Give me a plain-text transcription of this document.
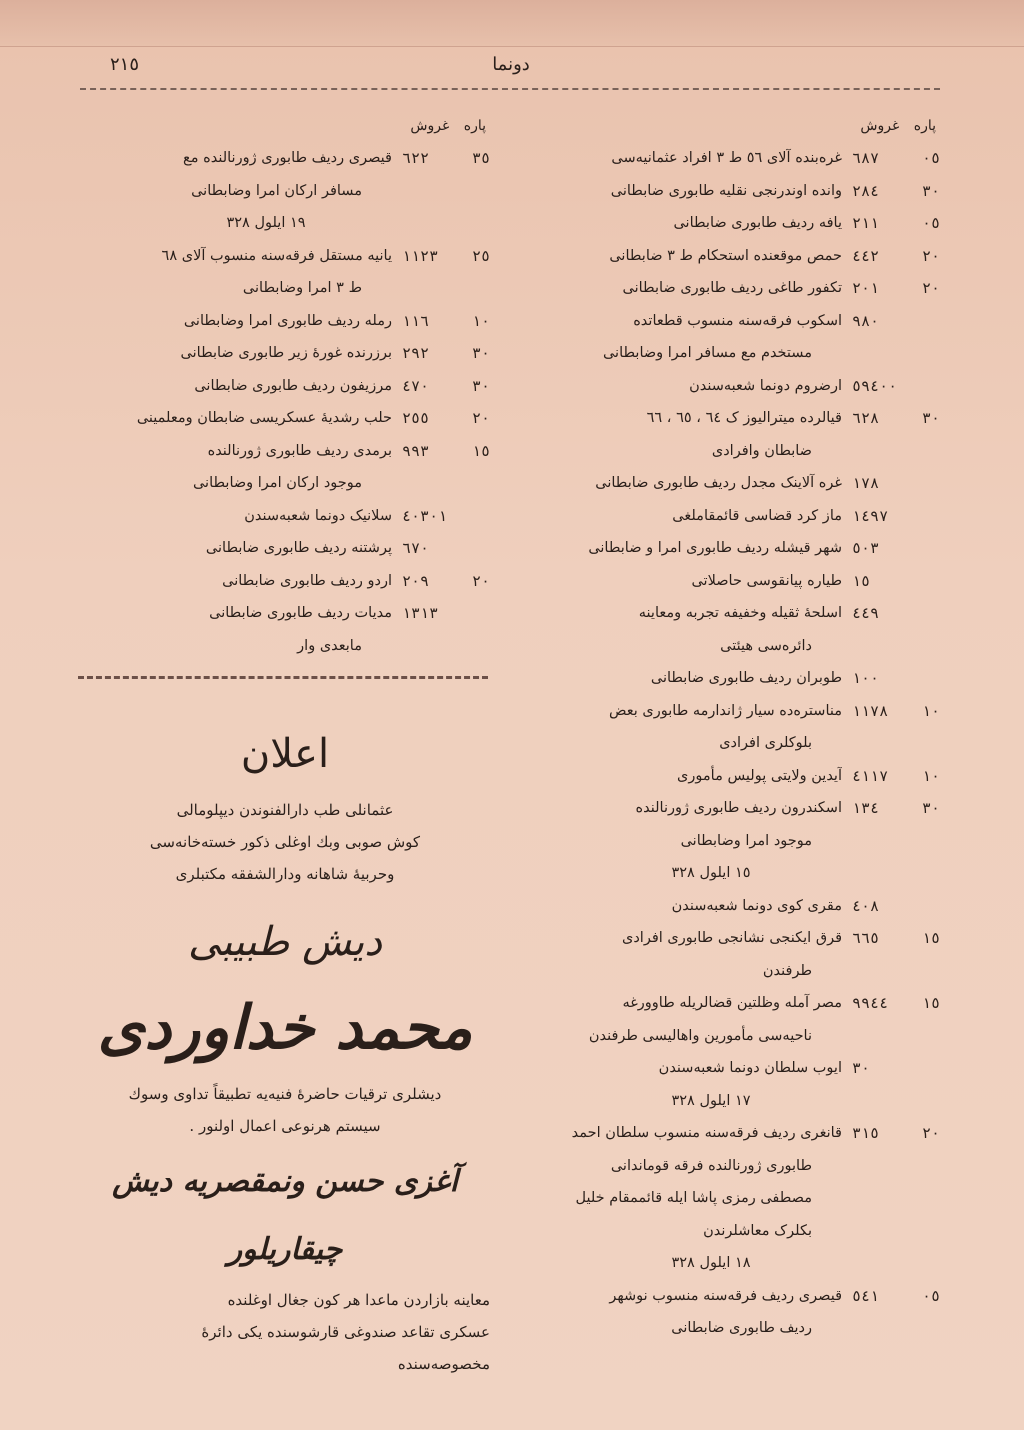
دونما
٢١٥
پاره غروش
٠٥
٦٨٧
غره‌بنده آلای ٥٦ ط ٣ افراد عثمانیه‌سی
٣٠
٢٨٤
وانده اوندرنجی نقلیه طابوری ضابطانی
٠٥
٢١١
یافه ردیف طابوری ضابطانی
٢٠
٤٤٢
حمص موقعنده استحکام ط ٣ ضابطانی
٢٠
٢٠١
تکفور طاغی ردیف طابوری ضابطانی
٩٨٠
اسکوب فرقه‌سنه منسوب قطعاتده
مستخدم مع مسافر امرا وضابطانی
٥٩٤٠٠
ارضروم دونما شعبه‌سندن
٣٠
٦٢٨
قیالرده میترالیوز ک ٦٤ ، ٦٥ ، ٦٦
ضابطان وافرادی
١٧٨
غره آلاینک مجدل ردیف طابوری ضابطانی
١٤٩٧
ماز کرد قضاسی قائمقاملغی
٥٠٣
شهر قیشله ردیف طابوری امرا و ضابطانی
١٥
طیاره پیانقوسی حاصلاتی
٤٤٩
اسلحهٔ ثقیله وخفیفه تجربه ومعاینه
دائره‌سی هیئتی
١٠٠
طوبران ردیف طابوری ضابطانی
١٠
١١٧٨
مناستره‌ده سیار ژاندارمه طابوری بعض
بلوکلری افرادی
١٠
٤١١٧
آیدین ولایتی پولیس مأموری
٣٠
١٣٤
اسکندرون ردیف طابوری ژورنالنده
موجود امرا وضابطانی
١٥ ایلول ٣٢٨
٤٠٨
مقری کوی دونما شعبه‌سندن
١٥
٦٦٥
قرق ایکنجی نشانجی طابوری افرادی
طرفندن
١٥
٩٩٤٤
مصر آمله وظلتین قضالریله طاوورغه
ناحیه‌سی مأمورین واهالیسی طرفندن
٣٠
ایوب سلطان دونما شعبه‌سندن
١٧ ایلول ٣٢٨
٢٠
٣١٥
قانغری ردیف فرقه‌سنه منسوب سلطان احمد
طابوری ژورنالنده فرقه قوماندانی
مصطفی رمزی پاشا ایله قائممقام خلیل
بکلرک معاشلرندن
١٨ ایلول ٣٢٨
٠٥
٥٤١
قیصری ردیف فرقه‌سنه منسوب نوشهر
ردیف طابوری ضابطانی
پاره غروش
٣٥
٦٢٢
قیصری ردیف طابوری ژورنالنده مع
مسافر ارکان امرا وضابطانی
١٩ ایلول ٣٢٨
٢٥
١١٢٣
یانیه مستقل فرقه‌سنه منسوب آلای ٦٨
ط ٣ امرا وضابطانی
١٠
١١٦
رمله ردیف طابوری امرا وضابطانی
٣٠
٢٩٢
برزرنده غورهٔ زیر طابوری ضابطانی
٣٠
٤٧٠
مرزیفون ردیف طابوری ضابطانی
٢٠
٢٥٥
حلب رشدیهٔ عسکریسی ضابطان ومعلمینی
١٥
٩٩٣
برمدی ردیف طابوری ژورنالنده
موجود ارکان امرا وضابطانی
٤٠٣٠١
سلانیک دونما شعبه‌سندن
٦٧٠
پرشتنه ردیف طابوری ضابطانی
٢٠
٢٠٩
اردو ردیف طابوری ضابطانی
١٣١٣
مدیات ردیف طابوری ضابطانی
مابعدی وار
اعلان
عثمانلی طب دارالفنوندن دیپلومالی
کوش صوبی وبك اوغلی ذکور خسته‌خانه‌سی
وحربیهٔ شاهانه ودارالشفقه مکتبلری
دیش طبیبی
محمد خداوردی
دیشلری ترقیات حاضرهٔ فنیه‌یه تطبیقاً تداوی وسوك
سیستم هرنوعی اعمال اولنور .
آغزی حسن ونمقصریه دیش چیقاریلور
معاینه بازاردن ماعدا هر کون جغال اوغلنده
عسکری تقاعد صندوغی قارشوسنده یکی دائرهٔ
مخصوصه‌سنده
